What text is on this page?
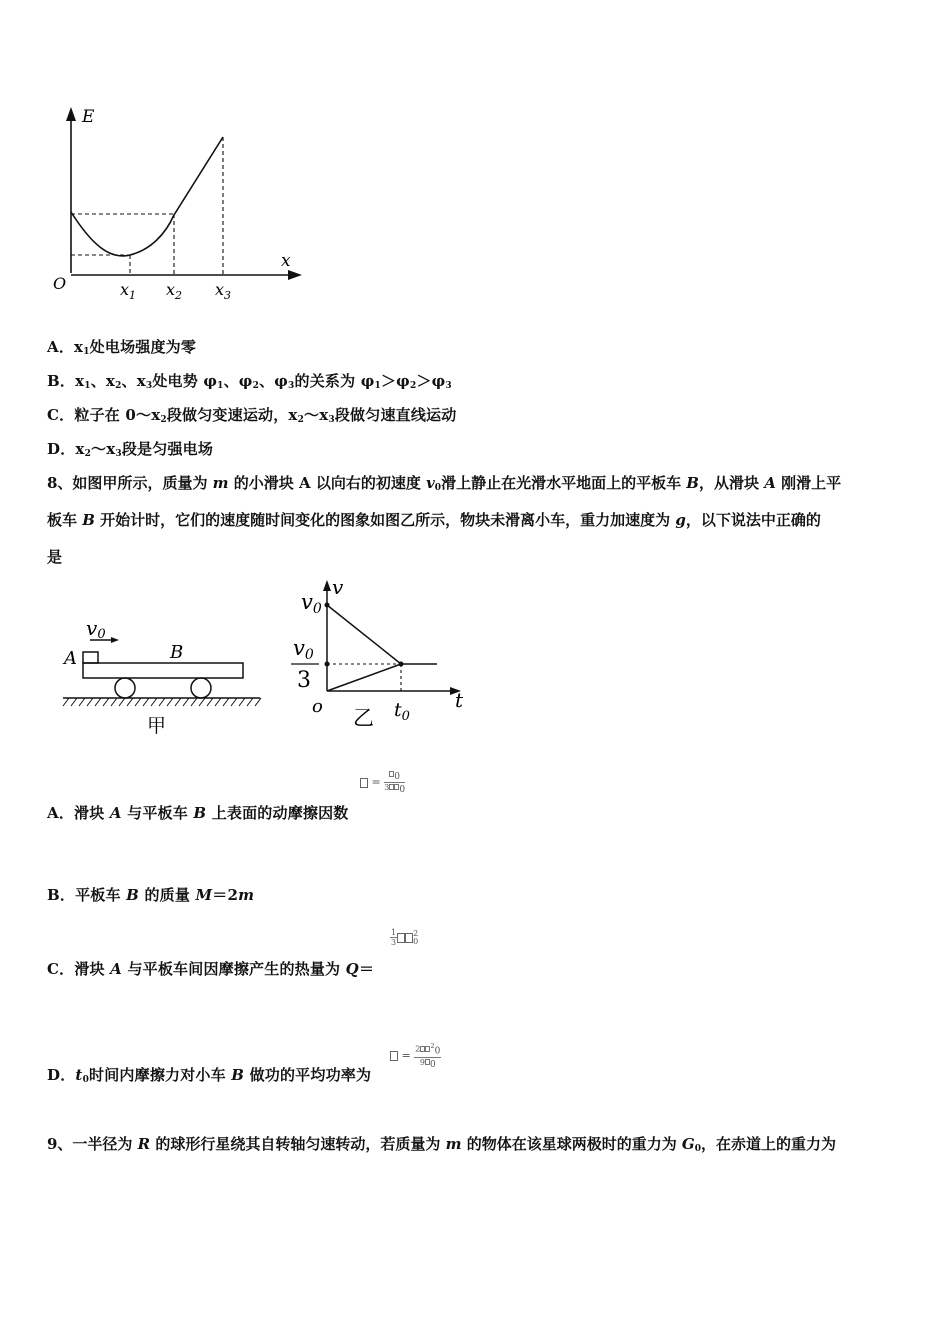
E
x
O	$x_1$ $x_2$ $x_3$
A．$x_1$处电场强度为零
B．$x_1$、$x_2$、$x_3$处电势 $\varphi_1$、$\varphi_2$、$\varphi_3$的关系为 $\varphi_1>\varphi_2>\varphi_3$
C．粒子在 $0\sim x_2$段做匀变速运动，$x_2\sim x_3$段做匀速直线运动
D．$x_2\sim x_3$段是匀强电场
8、如图甲所示，质量为 m 的小滑块 A 以向右的初速度 $v_0$滑上静止在光滑水平地面上的平板车 B，从滑块 A 刚滑上平
板车 B 开始计时，它们的速度随时间变化的图象如图乙所示，物块未滑离小车，重力加速度为 g，以下说法中正确的
是
v0
A	B
甲
v
t
v0
v0
3
o	$t_0$
乙
= $\frac{_0}{3 _0}$
A．滑块 A 与平板车 B 上表面的动摩擦因数
B．平板车 B 的质量 M＝2m
$\frac{1}{3} 2$
0
C．滑块 A 与平板车间因摩擦产生的热量为 Q＝
= $\frac{2 ^2_0}{9 _0}$
D．$t_0$时间内摩擦力对小车 B 做功的平均功率为
9、一半径为 R 的球形行星绕其自转轴匀速转动，若质量为 m 的物体在该星球两极时的重力为 $G_0$，在赤道上的重力为
